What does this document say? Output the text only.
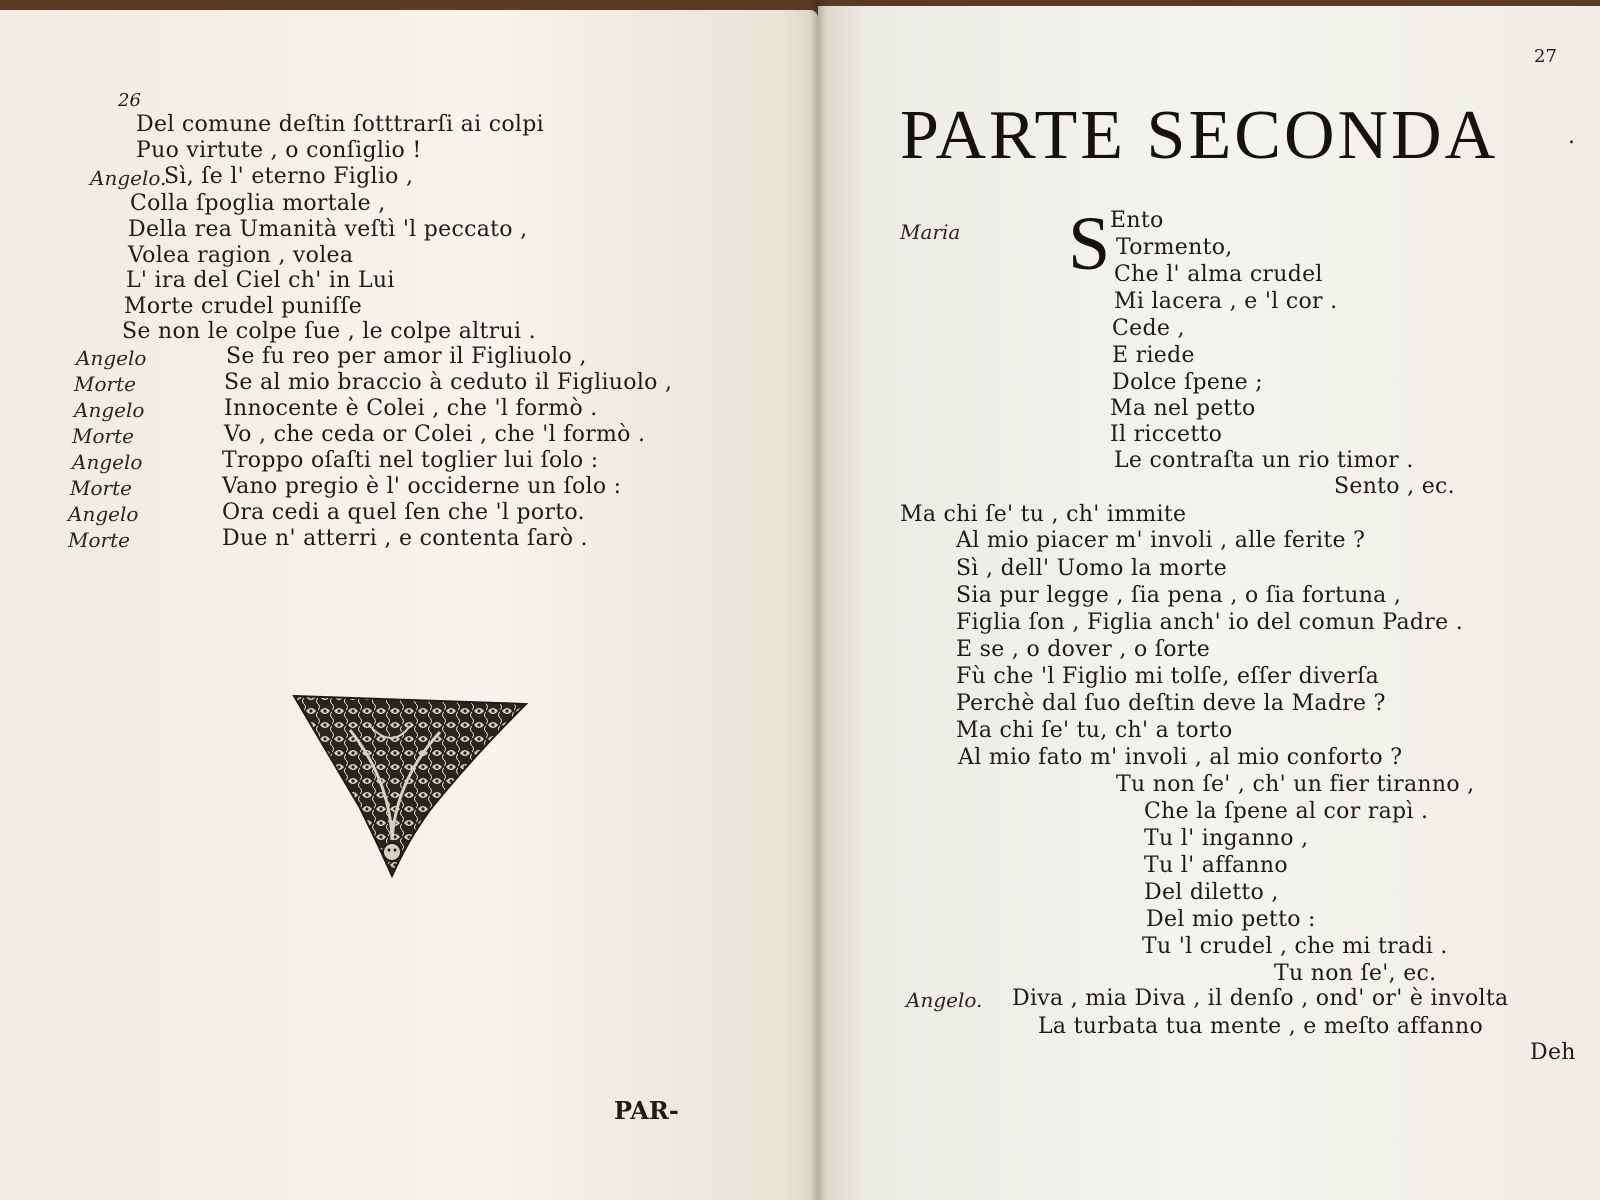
26
Del comune deſtin ſotttrarſi ai colpi
Puo virtute , o conſiglio !
Angelo.
Sì, ſe l' eterno Figlio ,
Colla ſpoglia mortale ,
Della rea Umanità veſtì 'l peccato ,
Volea ragion , volea
L' ira del Ciel ch' in Lui
Morte crudel puniſſe
Se non le colpe ſue , le colpe altrui .
Angelo	Se fu reo per amor il Figliuolo ,
Morte	Se al mio braccio à ceduto il Figliuolo ,
Angelo	Innocente è Colei , che 'l formò .
Morte	Vo , che ceda or Colei , che 'l formò .
Angelo	Troppo oſaſti nel toglier lui ſolo :
Morte	Vano pregio è l' occiderne un ſolo :
Angelo	Ora cedi a quel ſen che 'l porto.
Morte	Due n' atterri , e contenta ſarò .
PAR-
27
PARTE SECONDA	.
Maria S Ento
Tormento,
Che l' alma crudel
Mi lacera , e 'l cor .
Cede ,
E riede
Dolce ſpene ;
Ma nel petto
Il riccetto
Le contraſta un rio timor .
Sento , ec.
Ma chi ſe' tu , ch' immite
Al mio piacer m' involi , alle ferite ?
Sì , dell' Uomo la morte
Sia pur legge , ſia pena , o ſia fortuna ,
Figlia ſon , Figlia anch' io del comun Padre .
E se , o dover , o ſorte
Fù che 'l Figlio mi tolſe, eſſer diverſa
Perchè dal ſuo deſtin deve la Madre ?
Ma chi ſe' tu, ch' a torto
Al mio fato m' involi , al mio conforto ?
Tu non ſe' , ch' un fier tiranno ,
Che la ſpene al cor rapì .
Tu l' inganno ,
Tu l' affanno
Del diletto ,
Del mio petto :
Tu 'l crudel , che mi tradi .
Tu non ſe', ec.
Angelo. Diva , mia Diva , il denſo , ond' or' è involta
La turbata tua mente , e meſto affanno
Deh
